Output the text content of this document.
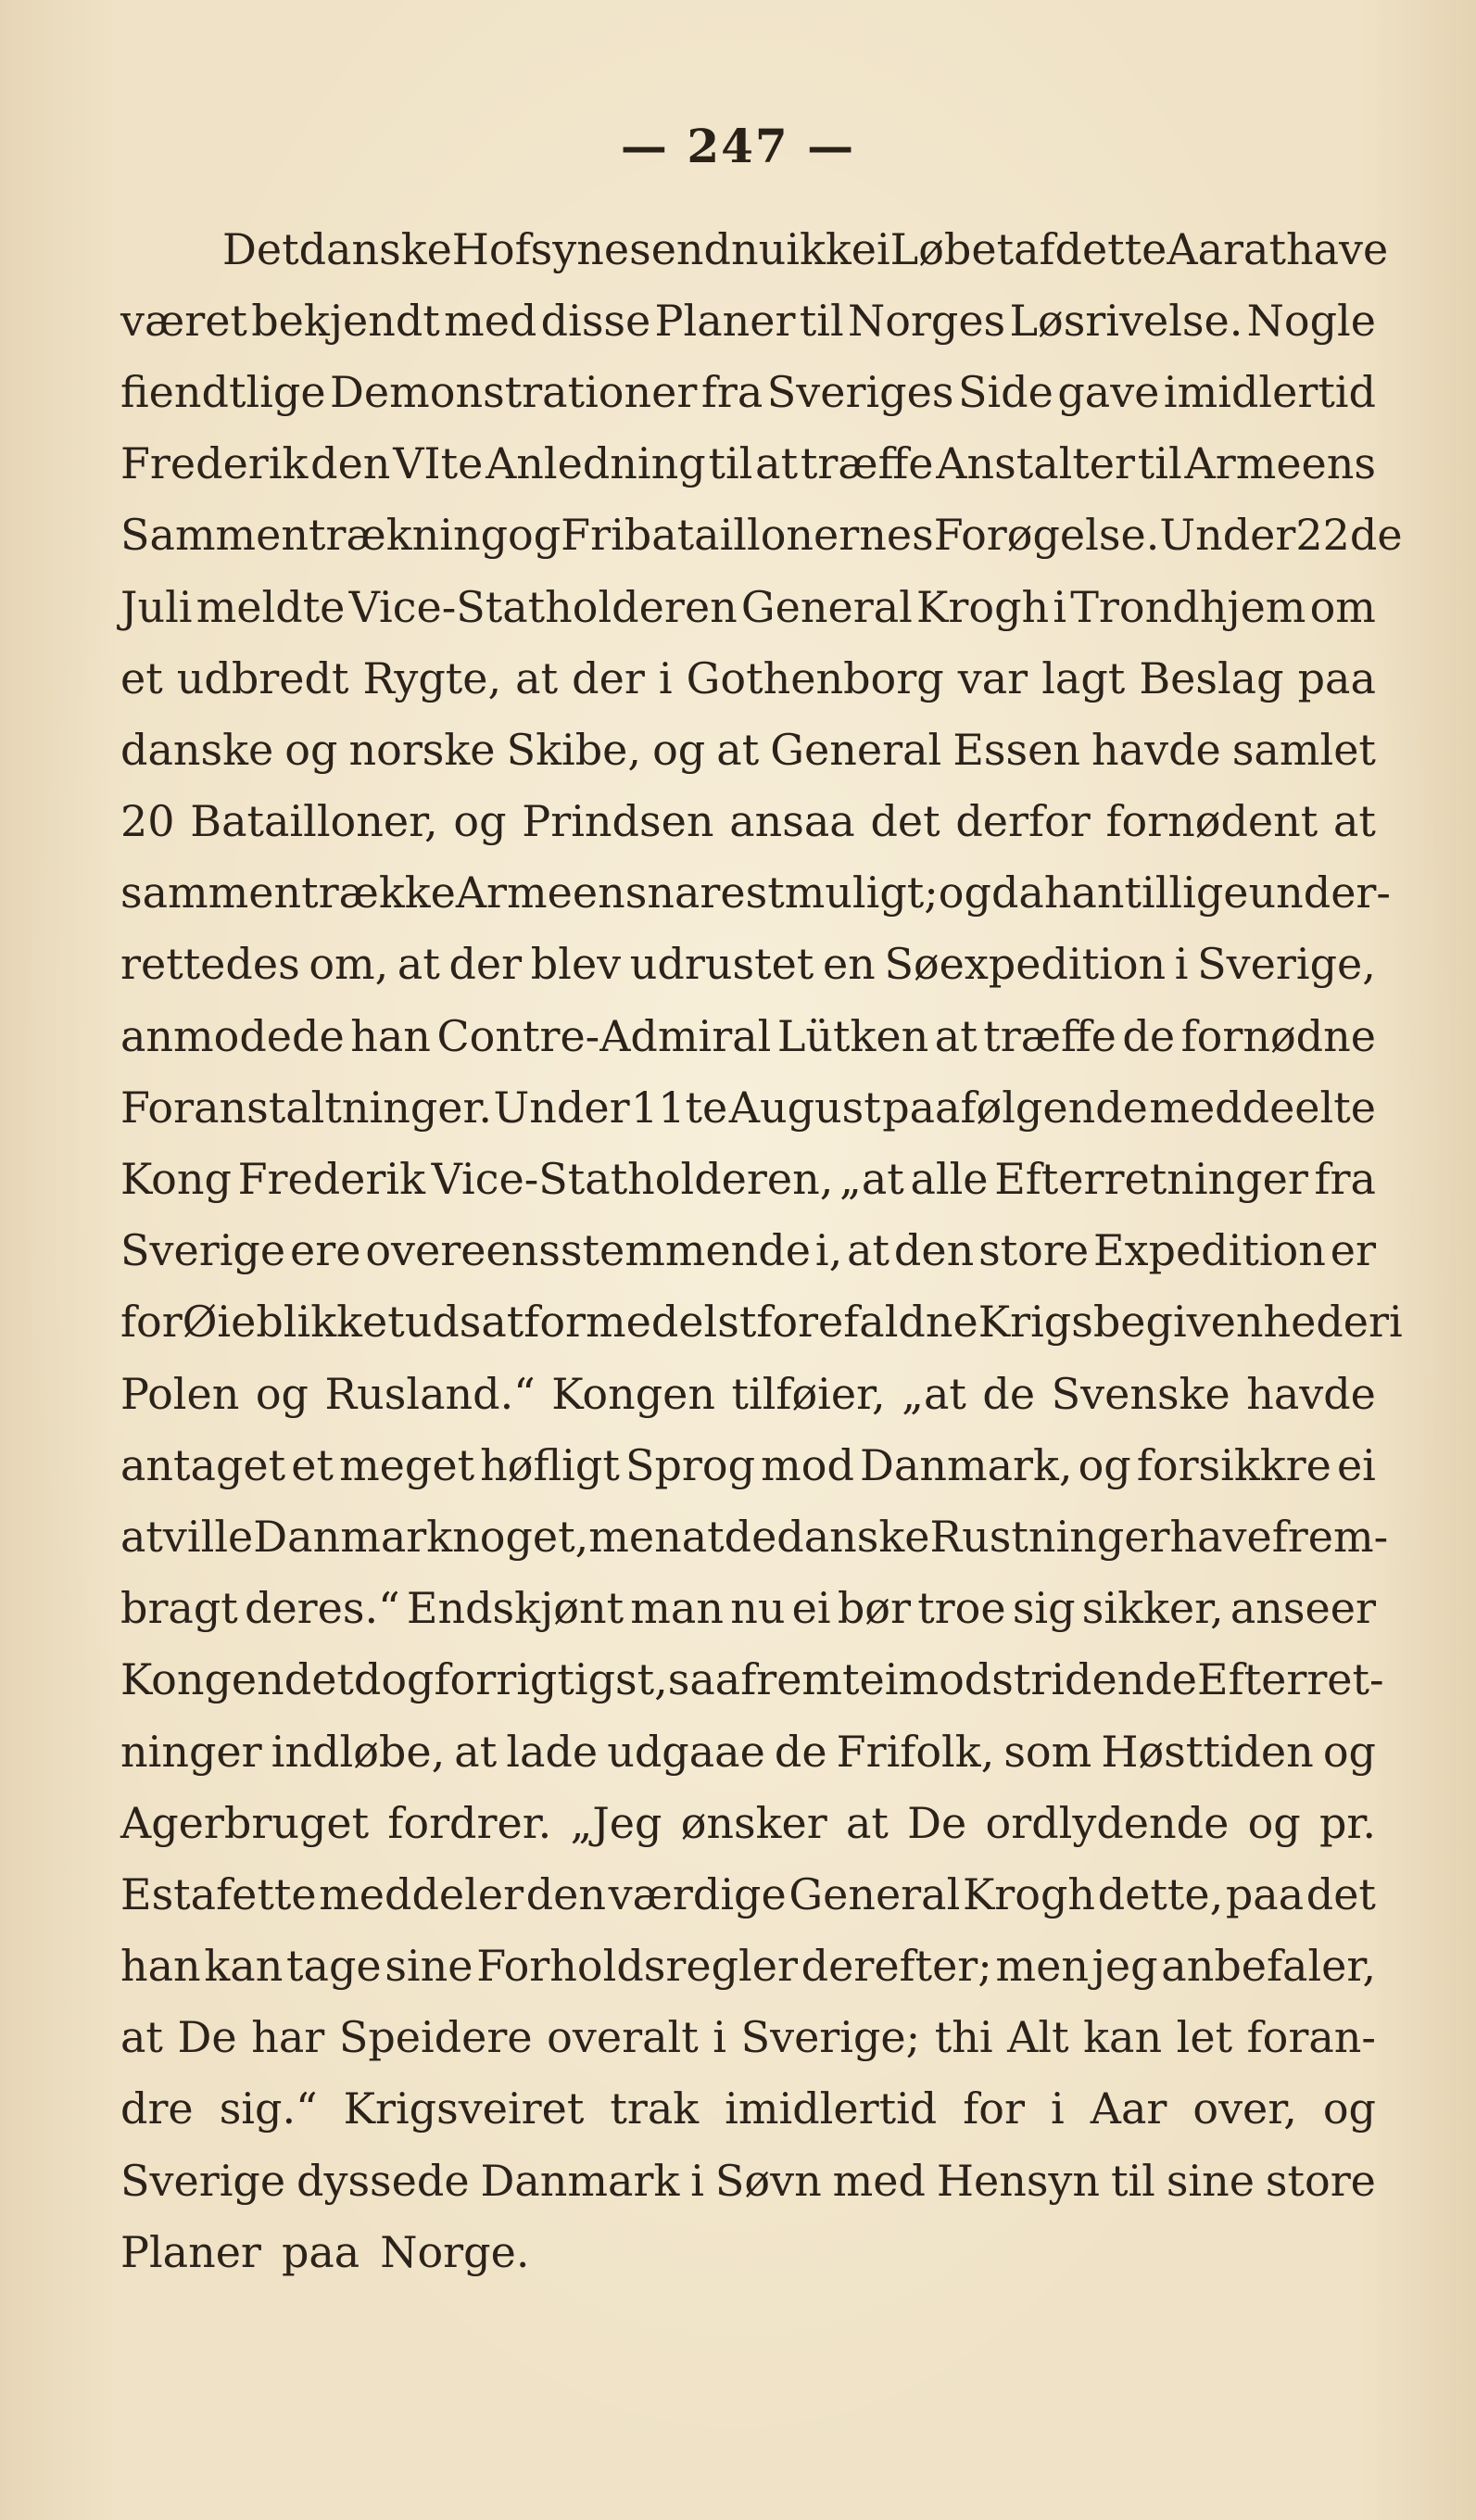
— 247 —
Det danske Hof synes endnu ikke i Løbet af dette Aar at have
været bekjendt med disse Planer til Norges Løsrivelse. Nogle
fiendtlige Demonstrationer fra Sveriges Side gave imidlertid
Frederik den VIte Anledning til at træffe Anstalter til Armeens
Sammentrækning og Fribataillonernes Forøgelse. Under 22de
Juli meldte Vice-Statholderen General Krogh i Trondhjem om
et udbredt Rygte, at der i Gothenborg var lagt Beslag paa
danske og norske Skibe, og at General Essen havde samlet
20 Batailloner, og Prindsen ansaa det derfor fornødent at
sammentrække Armeen snarest muligt; og da han tillige under-
rettedes om, at der blev udrustet en Søexpedition i Sverige,
anmodede han Contre-Admiral Lütken at træffe de fornødne
Foranstaltninger. Under 11te August paafølgende meddeelte
Kong Frederik Vice-Statholderen, „at alle Efterretninger fra
Sverige ere overeensstemmende i, at den store Expedition er
for Øieblikket udsat formedelst forefaldne Krigsbegivenheder i
Polen og Rusland.“ Kongen tilføier, „at de Svenske havde
antaget et meget høfligt Sprog mod Danmark, og forsikkre ei
at ville Danmark noget, men at de danske Rustninger have frem-
bragt deres.“ Endskjønt man nu ei bør troe sig sikker, anseer
Kongen det dog for rigtigst, saafremt ei modstridende Efterret-
ninger indløbe, at lade udgaae de Frifolk, som Høsttiden og
Agerbruget fordrer. „Jeg ønsker at De ordlydende og pr.
Estafette meddeler den værdige General Krogh dette, paa det
han kan tage sine Forholdsregler derefter; men jeg anbefaler,
at De har Speidere overalt i Sverige; thi Alt kan let foran-
dre sig.“ Krigsveiret trak imidlertid for i Aar over, og
Sverige dyssede Danmark i Søvn med Hensyn til sine store
Planer paa Norge.
